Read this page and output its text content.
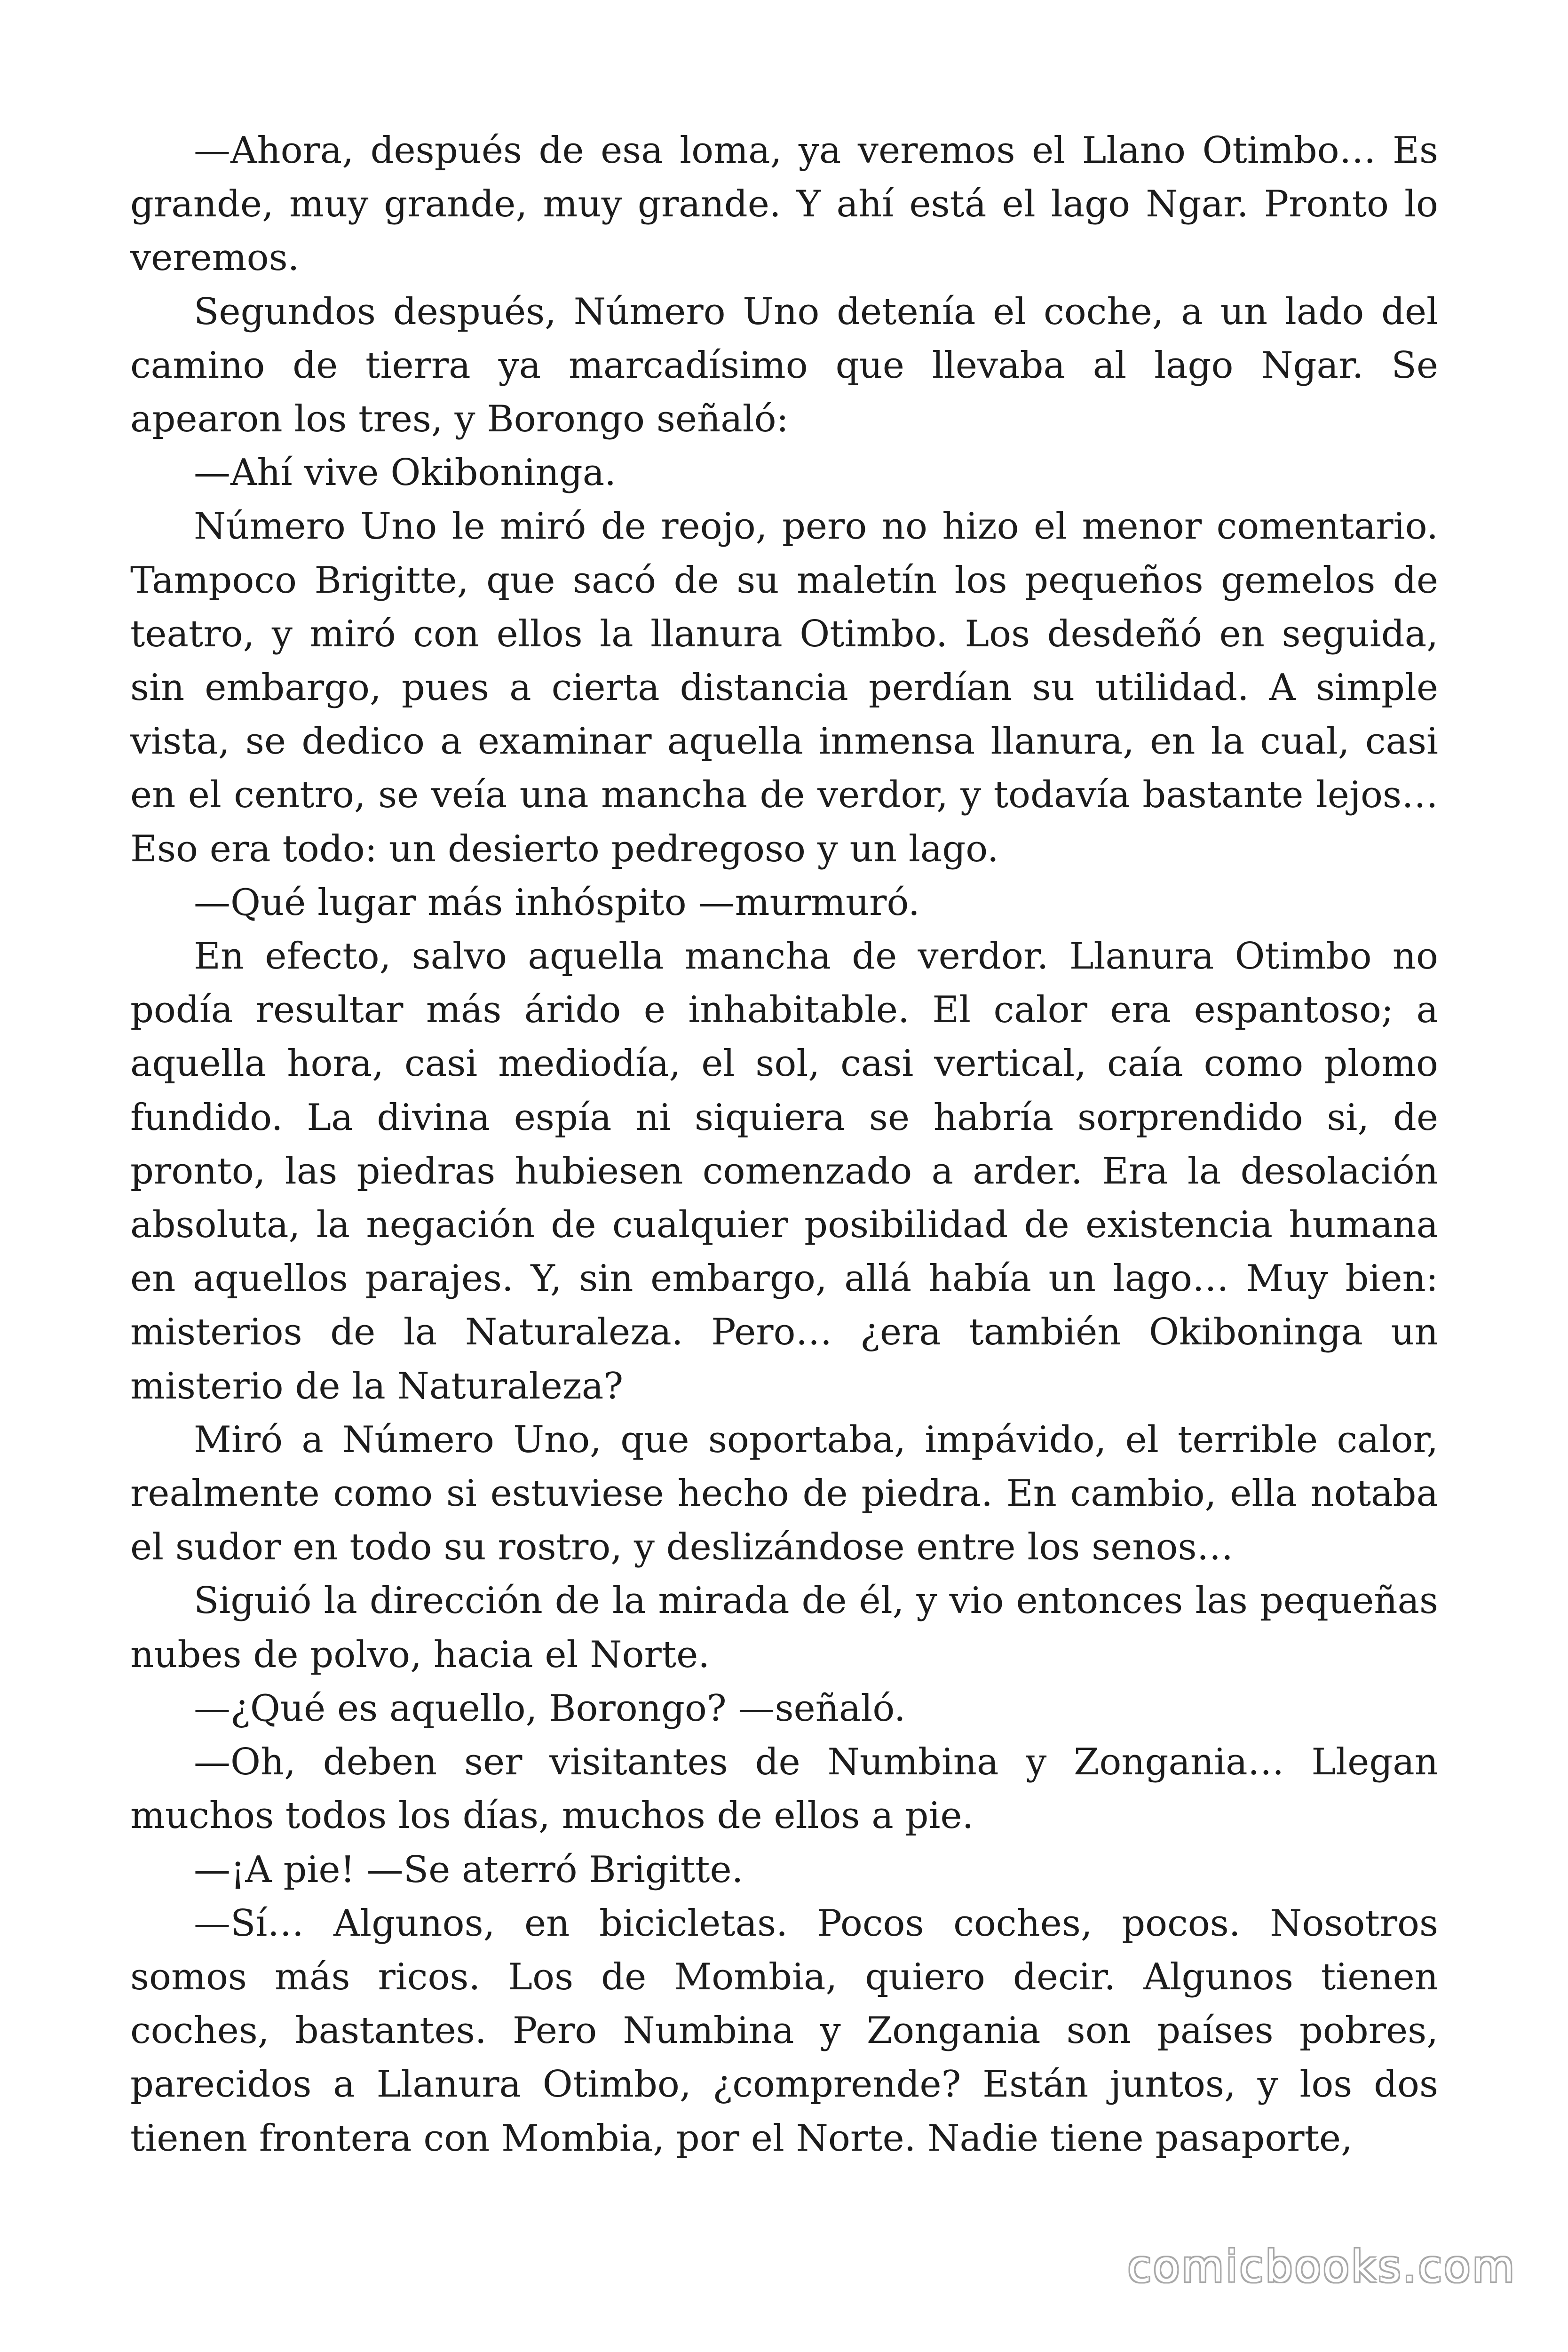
—Ahora, después de esa loma, ya veremos el Llano Otimbo… Es grande, muy grande, muy grande. Y ahí está el lago Ngar. Pronto lo veremos.

Segundos después, Número Uno detenía el coche, a un lado del camino de tierra ya marcadísimo que llevaba al lago Ngar. Se apearon los tres, y Borongo señaló:

—Ahí vive Okiboninga.

Número Uno le miró de reojo, pero no hizo el menor comentario. Tampoco Brigitte, que sacó de su maletín los pequeños gemelos de teatro, y miró con ellos la llanura Otimbo. Los desdeñó en seguida, sin embargo, pues a cierta distancia perdían su utilidad. A simple vista, se dedico a examinar aquella inmensa llanura, en la cual, casi en el centro, se veía una mancha de verdor, y todavía bastante lejos… Eso era todo: un desierto pedregoso y un lago.

—Qué lugar más inhóspito —murmuró.

En efecto, salvo aquella mancha de verdor. Llanura Otimbo no podía resultar más árido e inhabitable. El calor era espantoso; a aquella hora, casi mediodía, el sol, casi vertical, caía como plomo fundido. La divina espía ni siquiera se habría sorprendido si, de pronto, las piedras hubiesen comenzado a arder. Era la desolación absoluta, la negación de cualquier posibilidad de existencia humana en aquellos parajes. Y, sin embargo, allá había un lago… Muy bien: misterios de la Naturaleza. Pero… ¿era también Okiboninga un misterio de la Naturaleza?

Miró a Número Uno, que soportaba, impávido, el terrible calor, realmente como si estuviese hecho de piedra. En cambio, ella notaba el sudor en todo su rostro, y deslizándose entre los senos…

Siguió la dirección de la mirada de él, y vio entonces las pequeñas nubes de polvo, hacia el Norte.

—¿Qué es aquello, Borongo? —señaló.

—Oh, deben ser visitantes de Numbina y Zongania… Llegan muchos todos los días, muchos de ellos a pie.

—¡A pie! —Se aterró Brigitte.

—Sí… Algunos, en bicicletas. Pocos coches, pocos. Nosotros somos más ricos. Los de Mombia, quiero decir. Algunos tienen coches, bastantes. Pero Numbina y Zongania son países pobres, parecidos a Llanura Otimbo, ¿comprende? Están juntos, y los dos tienen frontera con Mombia, por el Norte. Nadie tiene pasaporte,

comicbooks.com
